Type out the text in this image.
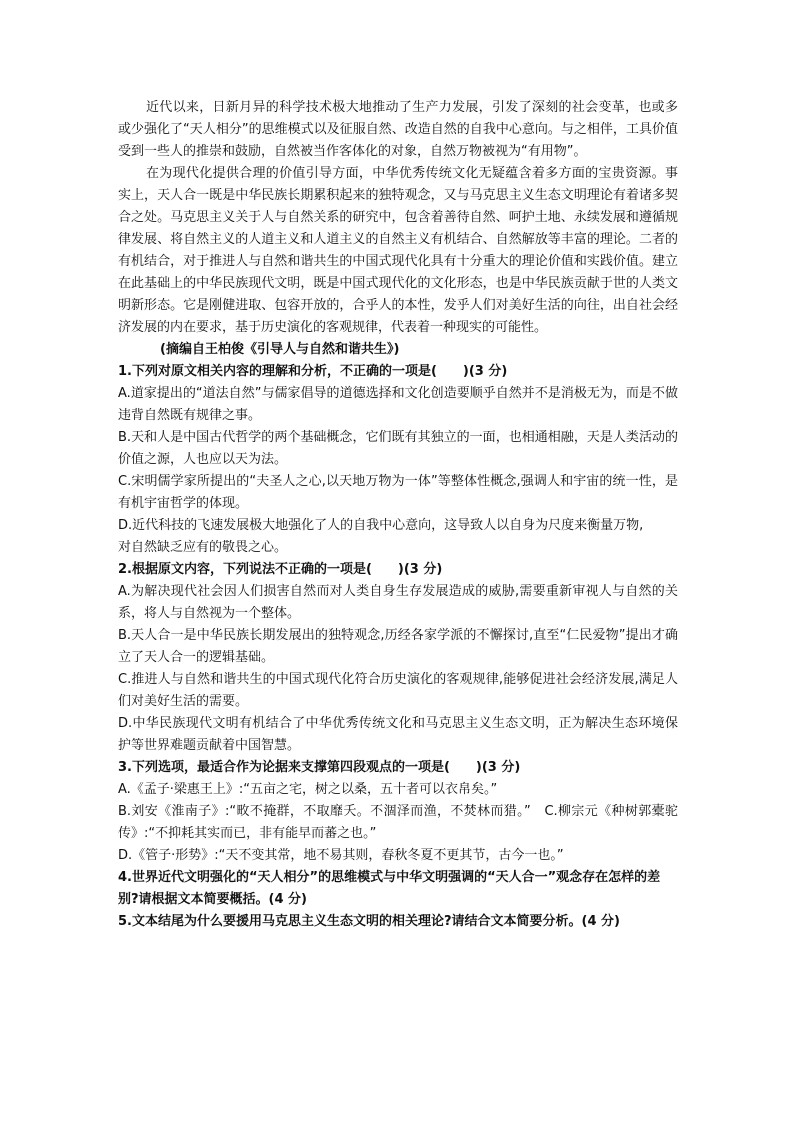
近代以来，日新月异的科学技术极大地推动了生产力发展，引发了深刻的社会变革，也或多或少强化了“天人相分”的思维模式以及征服自然、改造自然的自我中心意向。与之相伴，工具价值受到一些人的推崇和鼓励，自然被当作客体化的对象，自然万物被视为“有用物”。

在为现代化提供合理的价值引导方面，中华优秀传统文化无疑蕴含着多方面的宝贵资源。事实上，天人合一既是中华民族长期累积起来的独特观念，又与马克思主义生态文明理论有着诸多契合之处。马克思主义关于人与自然关系的研究中，包含着善待自然、呵护土地、永续发展和遵循规律发展、将自然主义的人道主义和人道主义的自然主义有机结合、自然解放等丰富的理论。二者的有机结合，对于推进人与自然和谐共生的中国式现代化具有十分重大的理论价值和实践价值。建立在此基础上的中华民族现代文明，既是中国式现代化的文化形态，也是中华民族贡献于世的人类文明新形态。它是刚健进取、包容开放的，合乎人的本性，发乎人们对美好生活的向往，出自社会经济发展的内在要求，基于历史演化的客观规律，代表着一种现实的可能性。

(摘编自王柏俊《引导人与自然和谐共生》)

1.下列对原文相关内容的理解和分析，不正确的一项是(　　)(3 分)

A.道家提出的“道法自然”与儒家倡导的道德选择和文化创造要顺乎自然并不是消极无为，而是不做违背自然既有规律之事。

B.天和人是中国古代哲学的两个基础概念，它们既有其独立的一面，也相通相融，天是人类活动的价值之源，人也应以天为法。

C.宋明儒学家所提出的“夫圣人之心,以天地万物为一体”等整体性概念,强调人和宇宙的统一性，是有机宇宙哲学的体现。

D.近代科技的飞速发展极大地强化了人的自我中心意向，这导致人以自身为尺度来衡量万物,

对自然缺乏应有的敬畏之心。

2.根据原文内容，下列说法不正确的一项是(　　)(3 分)

A.为解决现代社会因人们损害自然而对人类自身生存发展造成的威胁,需要重新审视人与自然的关系，将人与自然视为一个整体。

B.天人合一是中华民族长期发展出的独特观念,历经各家学派的不懈探讨,直至“仁民爱物”提出才确立了天人合一的逻辑基础。

C.推进人与自然和谐共生的中国式现代化符合历史演化的客观规律,能够促进社会经济发展,满足人们对美好生活的需要。

D.中华民族现代文明有机结合了中华优秀传统文化和马克思主义生态文明，正为解决生态环境保护等世界难题贡献着中国智慧。

3.下列选项，最适合作为论据来支撑第四段观点的一项是(　　)(3 分)

A.《孟子·梁惠王上》:“五亩之宅，树之以桑，五十者可以衣帛矣。”

B.刘安《淮南子》:“畋不掩群，不取靡夭。不涸泽而渔，不焚林而猎。”　C.柳宗元《种树郭橐驼传》:“不抑耗其实而已，非有能早而蕃之也。”

D.《管子·形势》:“天不变其常，地不易其则，春秋冬夏不更其节，古今一也。”

4.世界近代文明强化的“天人相分”的思维模式与中华文明强调的“天人合一”观念存在怎样的差别?请根据文本简要概括。(4 分)

5.文本结尾为什么要援用马克思主义生态文明的相关理论?请结合文本简要分析。(4 分)
